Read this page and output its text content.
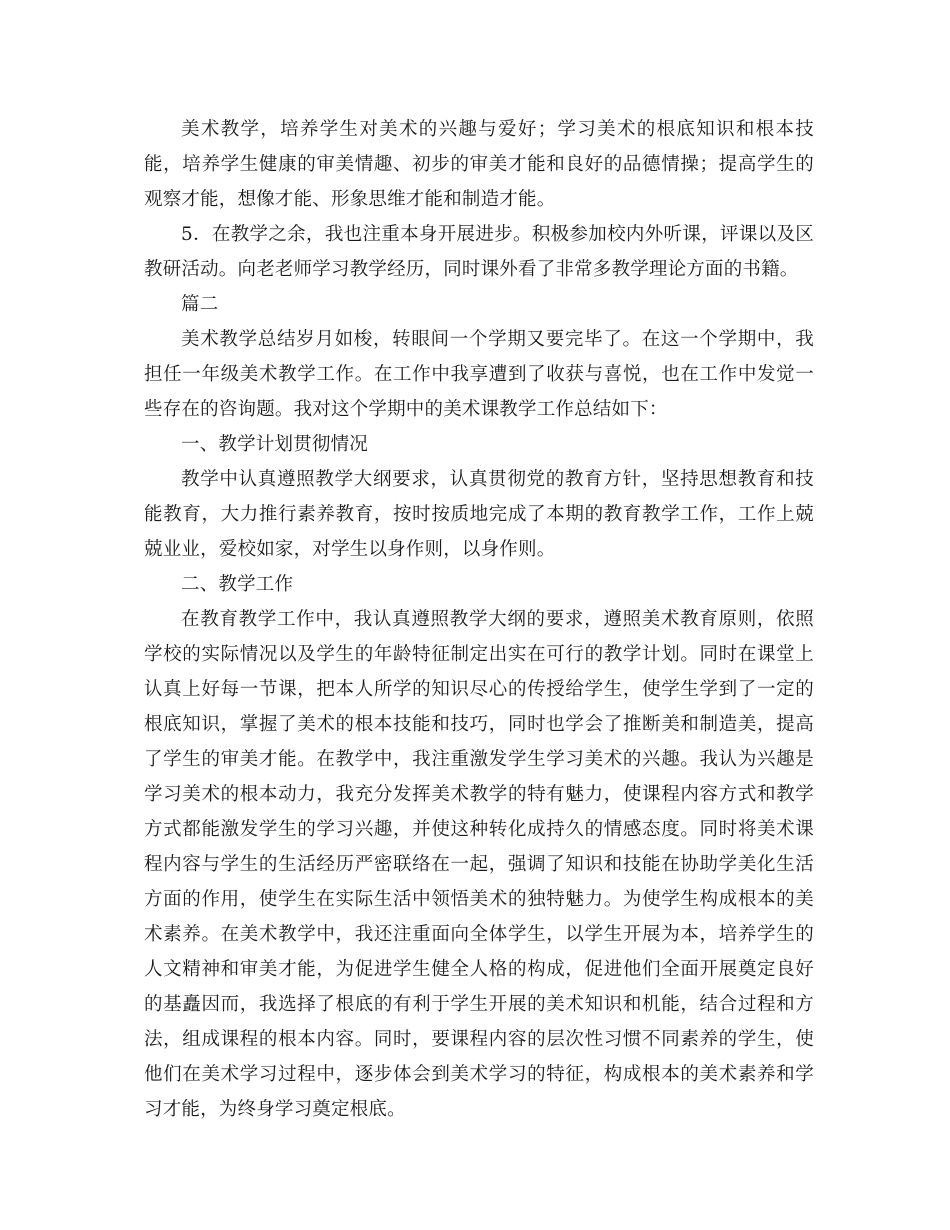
美术教学，培养学生对美术的兴趣与爱好；学习美术的根底知识和根本技能，培养学生健康的审美情趣、初步的审美才能和良好的品德情操；提高学生的观察才能，想像才能、形象思维才能和制造才能。

5．在教学之余，我也注重本身开展进步。积极参加校内外听课，评课以及区教研活动。向老老师学习教学经历，同时课外看了非常多教学理论方面的书籍。

篇二

美术教学总结岁月如梭，转眼间一个学期又要完毕了。在这一个学期中，我担任一年级美术教学工作。在工作中我享遭到了收获与喜悦，也在工作中发觉一些存在的咨询题。我对这个学期中的美术课教学工作总结如下：

一、教学计划贯彻情况

教学中认真遵照教学大纲要求，认真贯彻党的教育方针，坚持思想教育和技能教育，大力推行素养教育，按时按质地完成了本期的教育教学工作，工作上兢兢业业，爱校如家，对学生以身作则，以身作则。

二、教学工作

在教育教学工作中，我认真遵照教学大纲的要求，遵照美术教育原则，依照学校的实际情况以及学生的年龄特征制定出实在可行的教学计划。同时在课堂上认真上好每一节课，把本人所学的知识尽心的传授给学生，使学生学到了一定的根底知识，掌握了美术的根本技能和技巧，同时也学会了推断美和制造美，提高了学生的审美才能。在教学中，我注重激发学生学习美术的兴趣。我认为兴趣是学习美术的根本动力，我充分发挥美术教学的特有魅力，使课程内容方式和教学方式都能激发学生的学习兴趣，并使这种转化成持久的情感态度。同时将美术课程内容与学生的生活经历严密联络在一起，强调了知识和技能在协助学美化生活方面的作用，使学生在实际生活中领悟美术的独特魅力。为使学生构成根本的美术素养。在美术教学中，我还注重面向全体学生，以学生开展为本，培养学生的人文精神和审美才能，为促进学生健全人格的构成，促进他们全面开展奠定良好的基矗因而，我选择了根底的有利于学生开展的美术知识和机能，结合过程和方法，组成课程的根本内容。同时，要课程内容的层次性习惯不同素养的学生，使他们在美术学习过程中，逐步体会到美术学习的特征，构成根本的美术素养和学习才能，为终身学习奠定根底。
